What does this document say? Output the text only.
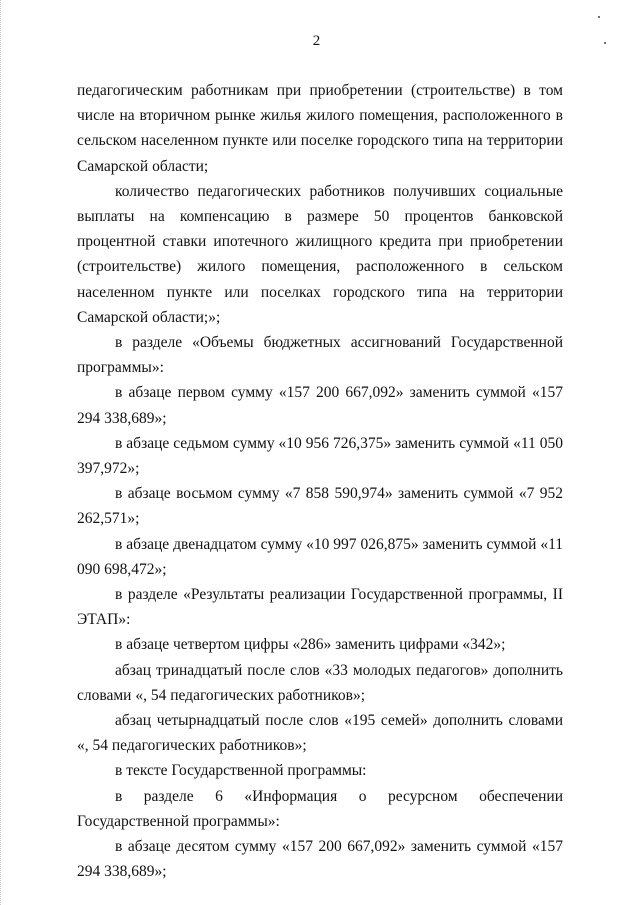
2

педагогическим работникам при приобретении (строительстве) в том числе на вторичном рынке жилья жилого помещения, расположенного в сельском населенном пункте или поселке городского типа на территории Самарской области;

количество педагогических работников получивших социальные выплаты на компенсацию в размере 50 процентов банковской процентной ставки ипотечного жилищного кредита при приобретении (строительстве) жилого помещения, расположенного в сельском населенном пункте или поселках городского типа на территории Самарской области;»;

в разделе «Объемы бюджетных ассигнований Государственной программы»:

в абзаце первом сумму «157 200 667,092» заменить суммой «157 294 338,689»;

в абзаце седьмом сумму «10 956 726,375» заменить суммой «11 050 397,972»;

в абзаце восьмом сумму «7 858 590,974» заменить суммой «7 952 262,571»;

в абзаце двенадцатом сумму «10 997 026,875» заменить суммой «11 090 698,472»;

в разделе «Результаты реализации Государственной программы, II ЭТАП»:

в абзаце четвертом цифры «286» заменить цифрами «342»;

абзац тринадцатый после слов «33 молодых педагогов» дополнить словами «, 54 педагогических работников»;

абзац четырнадцатый после слов «195 семей» дополнить словами «, 54 педагогических работников»;

в тексте Государственной программы:

в разделе 6 «Информация о ресурсном обеспечении Государственной программы»:

в абзаце десятом сумму «157 200 667,092» заменить суммой «157 294 338,689»;
